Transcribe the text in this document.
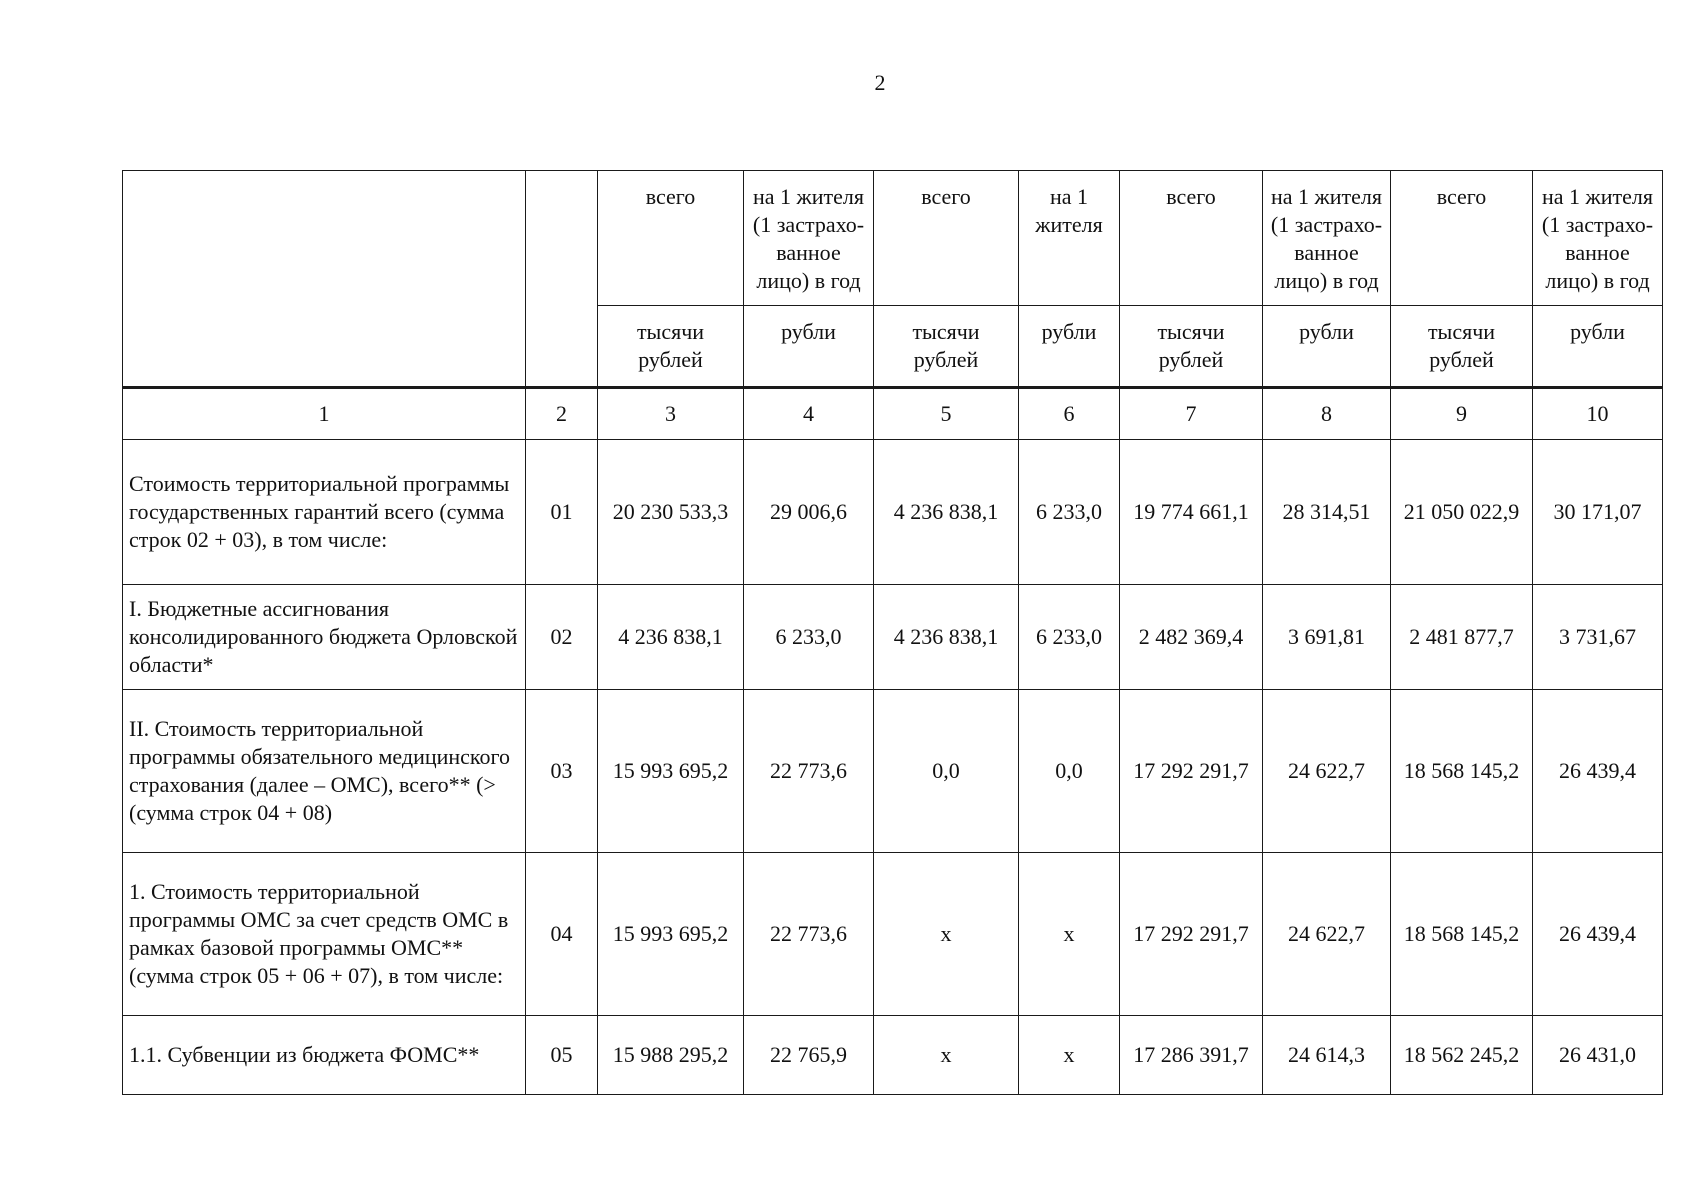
2
		всего	на 1 жителя (1 застрахо-ванное лицо) в год	всего	на 1 жителя	всего	на 1 жителя (1 застрахо-ванное лицо) в год	всего	на 1 жителя (1 застрахо-ванное лицо) в год
		тысячи рублей	рубли	тысячи рублей	рубли	тысячи рублей	рубли	тысячи рублей	рубли
1	2	3	4	5	6	7	8	9	10
Стоимость территориальной программы государственных гарантий всего (сумма строк 02 + 03), в том числе:	01	20 230 533,3	29 006,6	4 236 838,1	6 233,0	19 774 661,1	28 314,51	21 050 022,9	30 171,07
I. Бюджетные ассигнования консолидированного бюджета Орловской области*	02	4 236 838,1	6 233,0	4 236 838,1	6 233,0	2 482 369,4	3 691,81	2 481 877,7	3 731,67
II. Стоимость территориальной программы обязательного медицинского страхования (далее – ОМС), всего** (>(сумма строк 04 + 08)	03	15 993 695,2	22 773,6	0,0	0,0	17 292 291,7	24 622,7	18 568 145,2	26 439,4
1. Стоимость территориальной программы ОМС за счет средств ОМС в рамках базовой программы ОМС** (сумма строк 05 + 06 + 07), в том числе:	04	15 993 695,2	22 773,6	х	х	17 292 291,7	24 622,7	18 568 145,2	26 439,4
1.1. Субвенции из бюджета ФОМС**	05	15 988 295,2	22 765,9	х	х	17 286 391,7	24 614,3	18 562 245,2	26 431,0
